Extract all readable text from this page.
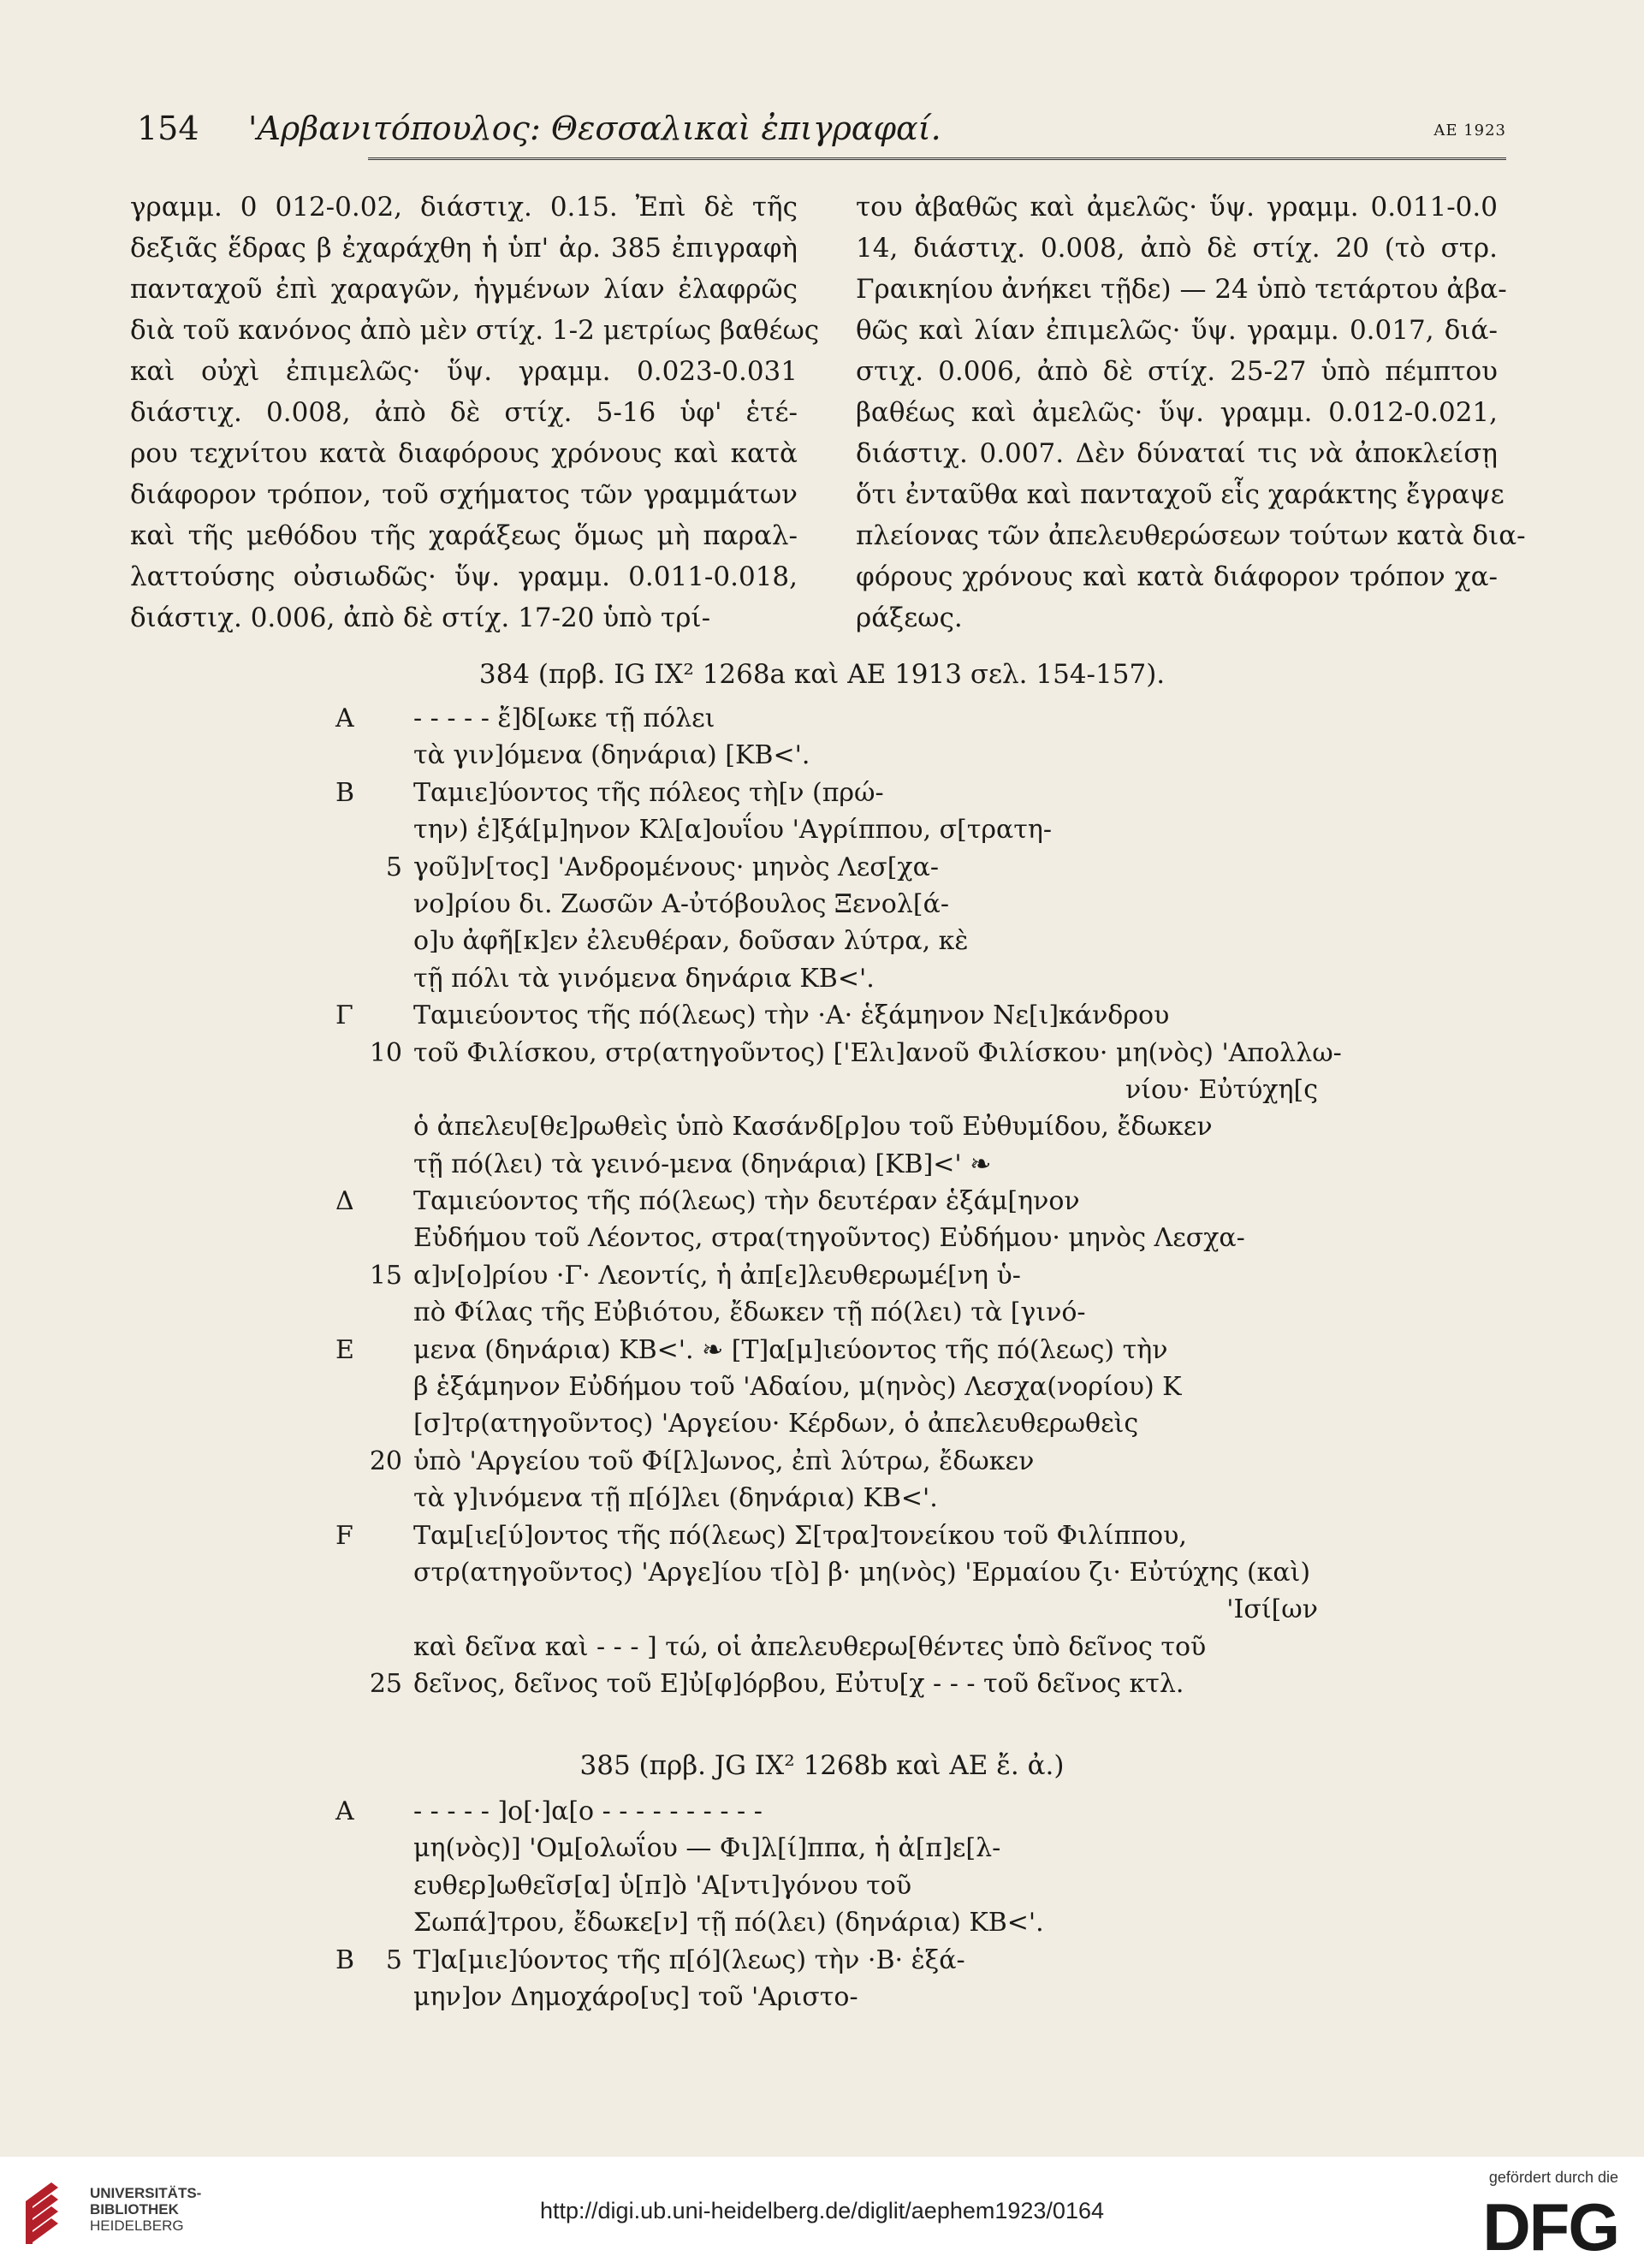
154 'Αρβανιτόπουλος: Θεσσαλικαὶ ἐπιγραφαί.	ΑΕ 1923
γραμμ. 0 012-0.02, διάστιχ. 0.15. Ἐπὶ δὲ τῆς
δεξιᾶς ἕδρας β ἐχαράχθη ἡ ὑπ' ἀρ. 385 ἐπιγραφὴ
πανταχοῦ ἐπὶ χαραγῶν, ἡγμένων λίαν ἐλαφρῶς
διὰ τοῦ κανόνος ἀπὸ μὲν στίχ. 1-2 μετρίως βαθέως
καὶ οὐχὶ ἐπιμελῶς· ὕψ. γραμμ. 0.023-0.031
διάστιχ. 0.008, ἀπὸ δὲ στίχ. 5-16 ὑφ' ἑτέ-
ρου τεχνίτου κατὰ διαφόρους χρόνους καὶ κατὰ
διάφορον τρόπον, τοῦ σχήματος τῶν γραμμάτων
καὶ τῆς μεθόδου τῆς χαράξεως ὅμως μὴ παραλ-
λαττούσης οὐσιωδῶς· ὕψ. γραμμ. 0.011-0.018,
διάστιχ. 0.006, ἀπὸ δὲ στίχ. 17-20 ὑπὸ τρί-
του ἀβαθῶς καὶ ἀμελῶς· ὕψ. γραμμ. 0.011-0.0
14, διάστιχ. 0.008, ἀπὸ δὲ στίχ. 20 (τὸ στρ.
Γραικηίου ἀνήκει τῇδε) — 24 ὑπὸ τετάρτου ἀβα-
θῶς καὶ λίαν ἐπιμελῶς· ὕψ. γραμμ. 0.017, διά-
στιχ. 0.006, ἀπὸ δὲ στίχ. 25-27 ὑπὸ πέμπτου
βαθέως καὶ ἀμελῶς· ὕψ. γραμμ. 0.012-0.021,
διάστιχ. 0.007. Δὲν δύναταί τις νὰ ἀποκλείσῃ
ὅτι ἐνταῦθα καὶ πανταχοῦ εἷς χαράκτης ἔγραψε
πλείονας τῶν ἀπελευθερώσεων τούτων κατὰ δια-
φόρους χρόνους καὶ κατὰ διάφορον τρόπον χα-
ράξεως.
384 (πρβ. IG IX² 1268a καὶ ΑΕ 1913 σελ. 154-157).
A	- - - - - ἔ]δ[ωκε τῇ πόλει
τὰ γιν]όμενα (δηνάρια) [ΚΒ<'.
B	Ταμιε]ύοντος τῆς πόλεος τὴ[ν (πρώ-
την) ἑ]ξά[μ]ηνον Κλ[α]ουΐου 'Αγρίππου, σ[τρατη-
5 γοῦ]ν[τος] 'Ανδρομένους· μηνὸς Λεσ[χα-
νο]ρίου δι. Ζωσῶν Α-ὐτόβουλος Ξενολ[ά-
ο]υ ἀφῆ[κ]εν ἐλευθέραν, δοῦσαν λύτρα, κὲ
τῇ πόλι τὰ γινόμενα δηνάρια ΚΒ<'.
Γ	Ταμιεύοντος τῆς πό(λεως) τὴν ·Α· ἑξάμηνον Νε[ι]κάνδρου
10 τοῦ Φιλίσκου, στρ(ατηγοῦντος) ['Ελι]ανοῦ Φιλίσκου· μη(νὸς) 'Απολλω-
νίου· Εὐτύχη[ς
ὁ ἀπελευ[θε]ρωθεὶς ὑπὸ Κασάνδ[ρ]ου τοῦ Εὐθυμίδου, ἔδωκεν
τῇ πό(λει) τὰ γεινό-μενα (δηνάρια) [ΚΒ]<' ❧
Δ	Ταμιεύοντος τῆς πό(λεως) τὴν δευτέραν ἑξάμ[ηνον
Εὐδήμου τοῦ Λέοντος, στρα(τηγοῦντος) Εὐδήμου· μηνὸς Λεσχα-
15 α]ν[ο]ρίου ·Γ· Λεοντίς, ἡ ἀπ[ε]λευθερωμέ[νη ὑ-
πὸ Φίλας τῆς Εὐβιότου, ἔδωκεν τῇ πό(λει) τὰ [γινό-
E	μενα (δηνάρια) ΚΒ<'. ❧ [Τ]α[μ]ιεύοντος τῆς πό(λεως) τὴν
β ἑξάμηνον Εὐδήμου τοῦ 'Αδαίου, μ(ηνὸς) Λεσχα(νορίου) Κ
[σ]τρ(ατηγοῦντος) 'Αργείου· Κέρδων, ὁ ἀπελευθερωθεὶς
20 ὑπὸ 'Αργείου τοῦ Φί[λ]ωνος, ἐπὶ λύτρω, ἔδωκεν
τὰ γ]ινόμενα τῇ π[ό]λει (δηνάρια) ΚΒ<'.
F	Ταμ[ιε[ύ]οντος τῆς πό(λεως) Σ[τρα]τονείκου τοῦ Φιλίππου,
στρ(ατηγοῦντος) 'Αργε]ίου τ[ὸ] β· μη(νὸς) 'Ερμαίου ζι· Εὐτύχης (καὶ)
'Ισί[ων
καὶ δεῖνα καὶ - - - ] τώ, οἱ ἀπελευθερω[θέντες ὑπὸ δεῖνος τοῦ
25 δεῖνος, δεῖνος τοῦ Ε]ὐ[φ]όρβου, Εὐτυ[χ - - - τοῦ δεῖνος κτλ.
385 (πρβ. JG IX² 1268b καὶ ΑΕ ἔ. ἀ.)
A	- - - - - ]ο[·]α[ο - - - - - - - - - -
μη(νὸς)] 'Ομ[ολωΐου — Φι]λ[ί]ππα, ἡ ἀ[π]ε[λ-
ευθερ]ωθεῖσ[α] ὑ[π]ὸ 'Α[ντι]γόνου τοῦ
Σωπά]τρου, ἔδωκε[ν] τῇ πό(λει) (δηνάρια) ΚΒ<'.
B	5 Τ]α[μιε]ύοντος τῆς π[ό](λεως) τὴν ·Β· ἑξά-
μην]ον Δημοχάρο[υς] τοῦ 'Αριστο-
UNIVERSITÄTS-
BIBLIOTHEK
HEIDELBERG
http://digi.ub.uni-heidelberg.de/diglit/aephem1923/0164
gefördert durch die
DFG
